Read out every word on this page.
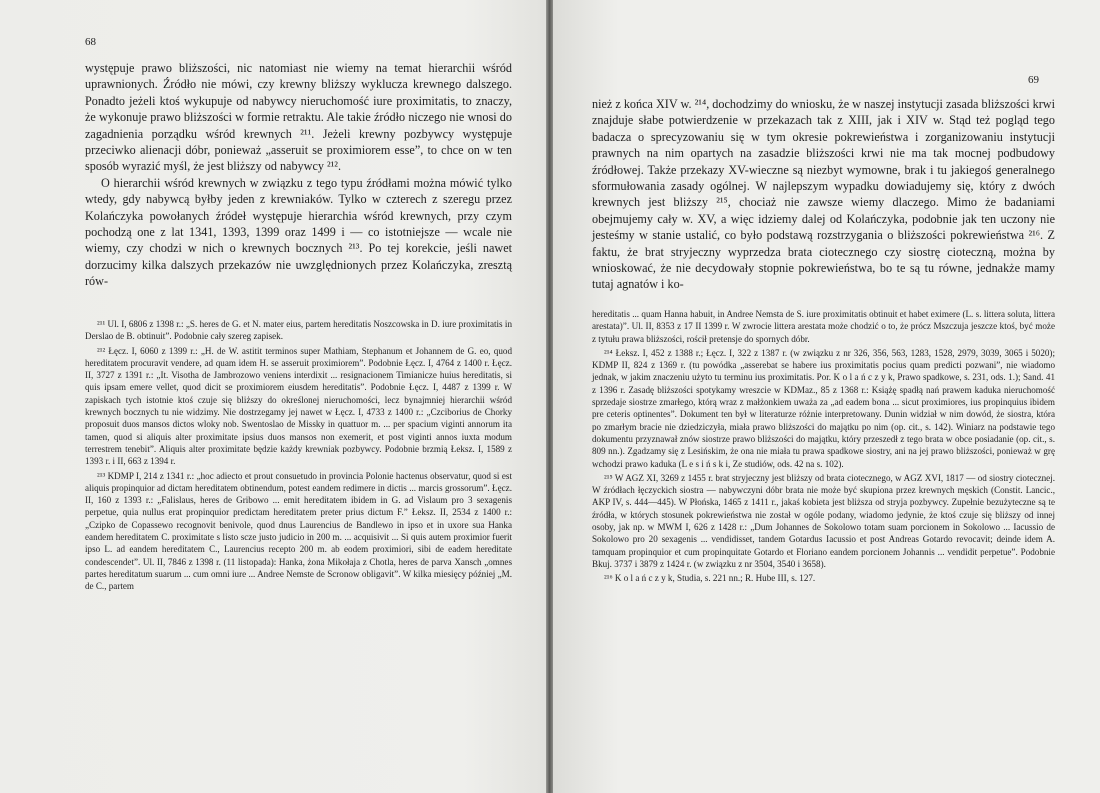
68

występuje prawo bliższości, nic natomiast nie wiemy na temat hierarchii wśród uprawnionych. Źródło nie mówi, czy krewny bliższy wyklucza krewnego dalszego. Ponadto jeżeli ktoś wykupuje od nabywcy nieruchomość iure proximitatis, to znaczy, że wykonuje prawo bliższości w formie retraktu. Ale takie źródło niczego nie wnosi do zagadnienia porządku wśród krewnych ²¹¹. Jeżeli krewny pozbywcy występuje przeciwko alienacji dóbr, ponieważ „asseruit se proximiorem esse”, to chce on w ten sposób wyrazić myśl, że jest bliższy od nabywcy ²¹².

O hierarchii wśród krewnych w związku z tego typu źródłami można mówić tylko wtedy, gdy nabywcą byłby jeden z krewniaków. Tylko w czterech z szeregu przez Kolańczyka powołanych źródeł występuje hierarchia wśród krewnych, przy czym pochodzą one z lat 1341, 1393, 1399 oraz 1499 i — co istotniejsze — wcale nie wiemy, czy chodzi w nich o krewnych bocznych ²¹³. Po tej korekcie, jeśli nawet dorzucimy kilka dalszych przekazów nie uwzględnionych przez Kolańczyka, zresztą rów-

²¹¹ Ul. I, 6806 z 1398 r.: „S. heres de G. et N. mater eius, partem hereditatis Noszcowska in D. iure proximitatis in Derslao de B. obtinuit”. Podobnie cały szereg zapisek.

²¹² Łęcz. I, 6060 z 1399 r.: „H. de W. astitit terminos super Mathiam, Stephanum et Johannem de G. eo, quod hereditatem procuravit vendere, ad quam idem H. se asseruit proximiorem”. Podobnie Łęcz. I, 4764 z 1400 r. Łęcz. II, 3727 z 1391 r.: „It. Visotha de Jambrozowo veniens interdixit ... resignacionem Timianicze huius hereditatis, si quis ipsam emere vellet, quod dicit se proximiorem eiusdem hereditatis”. Podobnie Łęcz. I, 4487 z 1399 r. W zapiskach tych istotnie ktoś czuje się bliższy do określonej nieruchomości, lecz bynajmniej hierarchii wśród krewnych bocznych tu nie widzimy. Nie dostrzegamy jej nawet w Łęcz. I, 4733 z 1400 r.: „Czciborius de Chorky proposuit duos mansos dictos wloky nob. Swentoslao de Missky in quattuor m. ... per spacium viginti annorum ita tamen, quod si aliquis alter proximitate ipsius duos mansos non exemerit, et post viginti annos iuxta modum terrestrem tenebit”. Aliquis alter proximitate będzie każdy krewniak pozbywcy. Podobnie brzmią Łeksz. I, 1589 z 1393 r. i II, 663 z 1394 r.

²¹³ KDMP I, 214 z 1341 r.: „hoc adiecto et prout consuetudo in provincia Polonie hactenus observatur, quod si est aliquis propinquior ad dictam hereditatem obtinendum, potest eandem redimere in dictis ... marcis grossorum”. Łęcz. II, 160 z 1393 r.: „Falislaus, heres de Gribowo ... emit hereditatem ibidem in G. ad Vislaum pro 3 sexagenis perpetue, quia nullus erat propinquior predictam hereditatem preter prius dictum F.” Łeksz. II, 2534 z 1400 r.: „Czipko de Copassewo recognovit benivole, quod dnus Laurencius de Bandlewo in ipso et in uxore sua Hanka eandem hereditatem C. proximitate s listo scze justo judicio in 200 m. ... acquisivit ... Si quis autem proximior fuerit ipso L. ad eandem hereditatem C., Laurencius recepto 200 m. ab eodem proximiori, sibi de eadem hereditate condescendet”. Ul. II, 7846 z 1398 r. (11 listopada): Hanka, żona Mikołaja z Chotla, heres de parva Xansch „omnes partes hereditatum suarum ... cum omni iure ... Andree Nemste de Scronow obligavit”. W kilka miesięcy później „M. de C., partem

69

nież z końca XIV w. ²¹⁴, dochodzimy do wniosku, że w naszej instytucji zasada bliższości krwi znajduje słabe potwierdzenie w przekazach tak z XIII, jak i XIV w. Stąd też pogląd tego badacza o sprecyzowaniu się w tym okresie pokrewieństwa i zorganizowaniu instytucji prawnych na nim opartych na zasadzie bliższości krwi nie ma tak mocnej podbudowy źródłowej. Także przekazy XV-wieczne są niezbyt wymowne, brak i tu jakiegoś generalnego sformułowania zasady ogólnej. W najlepszym wypadku dowiadujemy się, który z dwóch krewnych jest bliższy ²¹⁵, chociaż nie zawsze wiemy dlaczego. Mimo że badaniami obejmujemy cały w. XV, a więc idziemy dalej od Kolańczyka, podobnie jak ten uczony nie jesteśmy w stanie ustalić, co było podstawą rozstrzygania o bliższości pokrewieństwa ²¹⁶. Z faktu, że brat stryjeczny wyprzedza brata ciotecznego czy siostrę cioteczną, można by wnioskować, że nie decydowały stopnie pokrewieństwa, bo te są tu równe, jednakże mamy tutaj agnatów i ko-

hereditatis ... quam Hanna habuit, in Andree Nemsta de S. iure proximitatis obtinuit et habet eximere (L. s. littera soluta, littera arestata)”. Ul. II, 8353 z 17 II 1399 r. W zwrocie littera arestata może chodzić o to, że prócz Mszczuja jeszcze ktoś, być może z tytułu prawa bliższości, rościł pretensje do spornych dóbr.

²¹⁴ Łeksz. I, 452 z 1388 r.; Łęcz. I, 322 z 1387 r. (w związku z nr 326, 356, 563, 1283, 1528, 2979, 3039, 3065 i 5020); KDMP II, 824 z 1369 r. (tu powódka „asserebat se habere ius proximitatis pocius quam predicti pozwani”, nie wiadomo jednak, w jakim znaczeniu użyto tu terminu ius proximitatis. Por. K o l a ń c z y k, Prawo spadkowe, s. 231, ods. 1.); Sand. 41 z 1396 r. Zasadę bliższości spotykamy wreszcie w KDMaz., 85 z 1368 r.: Książę spadłą nań prawem kaduka nieruchomość sprzedaje siostrze zmarłego, którą wraz z małżonkiem uważa za „ad eadem bona ... sicut proximiores, ius propinquius ibidem pre ceteris optinentes”. Dokument ten był w literaturze różnie interpretowany. Dunin widział w nim dowód, że siostra, która po zmarłym bracie nie dziedziczyła, miała prawo bliższości do majątku po nim (op. cit., s. 142). Winiarz na podstawie tego dokumentu przyznawał znów siostrze prawo bliższości do majątku, który przeszedł z tego brata w obce posiadanie (op. cit., s. 809 nn.). Zgadzamy się z Lesińskim, że ona nie miała tu prawa spadkowe siostry, ani na jej prawo bliższości, ponieważ w grę wchodzi prawo kaduka (L e s i ń s k i, Ze studiów, ods. 42 na s. 102).

²¹⁵ W AGZ XI, 3269 z 1455 r. brat stryjeczny jest bliższy od brata ciotecznego, w AGZ XVI, 1817 — od siostry ciotecznej. W źródłach łęczyckich siostra — nabywczyni dóbr brata nie może być skupiona przez krewnych męskich (Constit. Lancic., AKP IV, s. 444—445). W Płońska, 1465 z 1411 r., jakaś kobieta jest bliższa od stryja pozbywcy. Zupełnie bezużyteczne są te źródła, w których stosunek pokrewieństwa nie został w ogóle podany, wiadomo jedynie, że ktoś czuje się bliższy od innej osoby, jak np. w MWM I, 626 z 1428 r.: „Dum Johannes de Sokolowo totam suam porcionem in Sokolowo ... Iacussio de Sokolowo pro 20 sexagenis ... vendidisset, tandem Gotardus Iacussio et post Andreas Gotardo revocavit; deinde idem A. tamquam propinquior et cum propinquitate Gotardo et Floriano eandem porcionem Johannis ... vendidit perpetue”. Podobnie Bkuj. 3737 i 3879 z 1424 r. (w związku z nr 3504, 3540 i 3658).

²¹⁶ K o l a ń c z y k, Studia, s. 221 nn.; R. Hube III, s. 127.
